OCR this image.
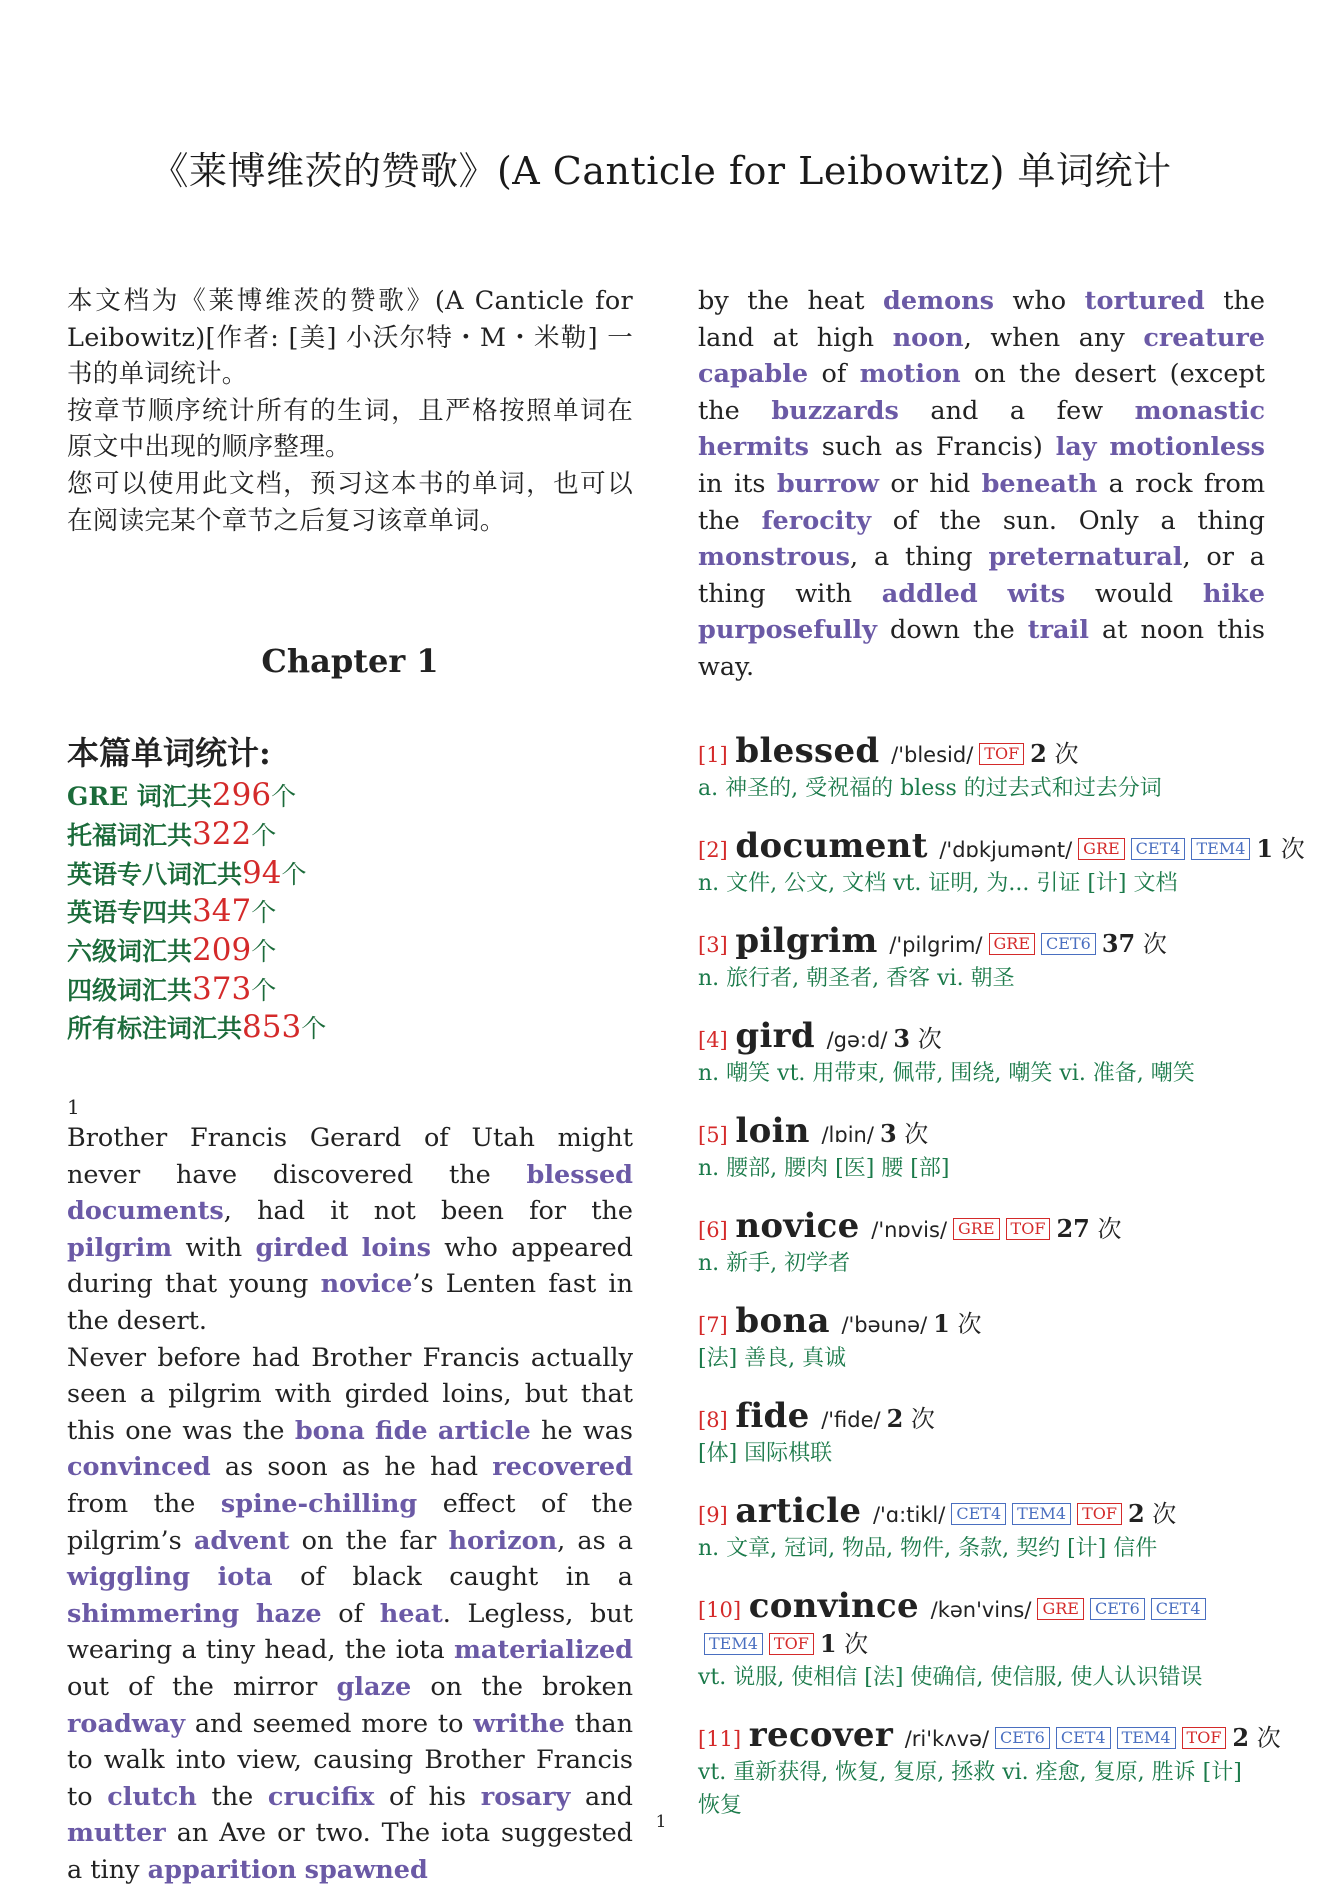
《莱博维茨的赞歌》(A Canticle for Leibowitz) 单词统计

本文档为《莱博维茨的赞歌》(A Canticle for Leibowitz)[作者: [美] 小沃尔特・M・米勒] 一书的单词统计。

按章节顺序统计所有的生词，且严格按照单词在原文中出现的顺序整理。

您可以使用此文档，预习这本书的单词，也可以在阅读完某个章节之后复习该章单词。

Chapter 1
本篇单词统计:
GRE 词汇共296个
托福词汇共322个
英语专八词汇共94个
英语专四共347个
六级词汇共209个
四级词汇共373个
所有标注词汇共853个
1

Brother Francis Gerard of Utah might never have discovered the blessed documents, had it not been for the pilgrim with girded loins who appeared during that young novice’s Lenten fast in the desert.
Never before had Brother Francis actually seen a pilgrim with girded loins, but that this one was the bona fide article he was convinced as soon as he had recovered from the spine-chilling effect of the pilgrim’s advent on the far horizon, as a wiggling iota of black caught in a shimmering haze of heat. Legless, but wearing a tiny head, the iota materialized out of the mirror glaze on the broken roadway and seemed more to writhe than to walk into view, causing Brother Francis to clutch the crucifix of his rosary and mutter an Ave or two. The iota suggested a tiny apparition spawned

by the heat demons who tortured the land at high noon, when any creature capable of motion on the desert (except the buzzards and a few monastic hermits such as Francis) lay motionless in its burrow or hid beneath a rock from the ferocity of the sun. Only a thing monstrous, a thing preternatural, or a thing with addled wits would hike purposefully down the trail at noon this way.

[1] blessed /'blesid/ TOF 2 次
a. 神圣的, 受祝福的 bless 的过去式和过去分词
[2] document /'dɒkjumənt/ GRE CET4 TEM4 1 次
n. 文件, 公文, 文档 vt. 证明, 为... 引证 [计] 文档
[3] pilgrim /'pilgrim/ GRE CET6 37 次
n. 旅行者, 朝圣者, 香客 vi. 朝圣
[4] gird /gə:d/ 3 次
n. 嘲笑 vt. 用带束, 佩带, 围绕, 嘲笑 vi. 准备, 嘲笑
[5] loin /lɒin/ 3 次
n. 腰部, 腰肉 [医] 腰 [部]
[6] novice /'nɒvis/ GRE TOF 27 次
n. 新手, 初学者
[7] bona /'bəunə/ 1 次
[法] 善良, 真诚
[8] fide /'fide/ 2 次
[体] 国际棋联
[9] article /'ɑ:tikl/ CET4 TEM4 TOF 2 次
n. 文章, 冠词, 物品, 物件, 条款, 契约 [计] 信件
[10] convince /kən'vins/ GRE CET6 CET4TEM4 TOF 1 次
vt. 说服, 使相信 [法] 使确信, 使信服, 使人认识错误
[11] recover /ri'kʌvə/ CET6 CET4 TEM4 TOF 2 次
vt. 重新获得, 恢复, 复原, 拯救 vi. 痊愈, 复原, 胜诉 [计] 恢复
1
